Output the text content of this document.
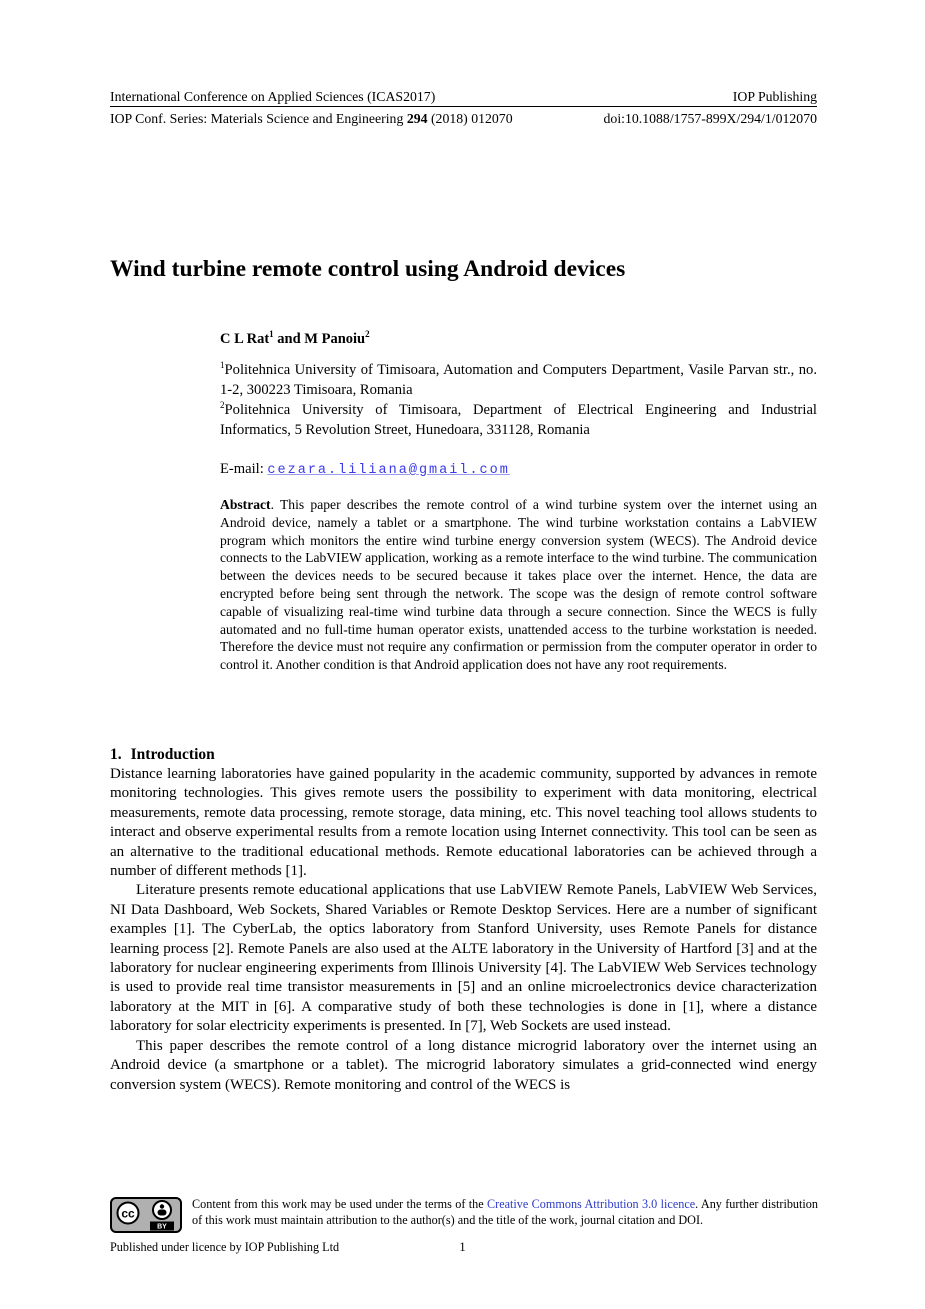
International Conference on Applied Sciences (ICAS2017)	IOP Publishing
IOP Conf. Series: Materials Science and Engineering 294 (2018) 012070	doi:10.1088/1757-899X/294/1/012070
Wind turbine remote control using Android devices
C L Rat$^1$ and M Panoiu$^2$
$^1$Politehnica University of Timisoara, Automation and Computers Department, Vasile Parvan str., no. 1-2, 300223 Timisoara, Romania
$^2$Politehnica University of Timisoara, Department of Electrical Engineering and Industrial Informatics, 5 Revolution Street, Hunedoara, 331128, Romania
E-mail: cezara.liliana@gmail.com
Abstract. This paper describes the remote control of a wind turbine system over the internet using an Android device, namely a tablet or a smartphone. The wind turbine workstation contains a LabVIEW program which monitors the entire wind turbine energy conversion system (WECS). The Android device connects to the LabVIEW application, working as a remote interface to the wind turbine. The communication between the devices needs to be secured because it takes place over the internet. Hence, the data are encrypted before being sent through the network. The scope was the design of remote control software capable of visualizing real-time wind turbine data through a secure connection. Since the WECS is fully automated and no full-time human operator exists, unattended access to the turbine workstation is needed. Therefore the device must not require any confirmation or permission from the computer operator in order to control it. Another condition is that Android application does not have any root requirements.
1. Introduction

Distance learning laboratories have gained popularity in the academic community, supported by advances in remote monitoring technologies. This gives remote users the possibility to experiment with data monitoring, electrical measurements, remote data processing, remote storage, data mining, etc. This novel teaching tool allows students to interact and observe experimental results from a remote location using Internet connectivity. This tool can be seen as an alternative to the traditional educational methods. Remote educational laboratories can be achieved through a number of different methods [1].

Literature presents remote educational applications that use LabVIEW Remote Panels, LabVIEW Web Services, NI Data Dashboard, Web Sockets, Shared Variables or Remote Desktop Services. Here are a number of significant examples [1]. The CyberLab, the optics laboratory from Stanford University, uses Remote Panels for distance learning process [2]. Remote Panels are also used at the ALTE laboratory in the University of Hartford [3] and at the laboratory for nuclear engineering experiments from Illinois University [4]. The LabVIEW Web Services technology is used to provide real time transistor measurements in [5] and an online microelectronics device characterization laboratory at the MIT in [6]. A comparative study of both these technologies is done in [1], where a distance laboratory for solar electricity experiments is presented. In [7], Web Sockets are used instead.

This paper describes the remote control of a long distance microgrid laboratory over the internet using an Android device (a smartphone or a tablet). The microgrid laboratory simulates a grid-connected wind energy conversion system (WECS). Remote monitoring and control of the WECS is

cc
BY
Content from this work may be used under the terms of the Creative Commons Attribution 3.0 licence. Any further distribution of this work must maintain attribution to the author(s) and the title of the work, journal citation and DOI.
Published under licence by IOP Publishing Ltd	1
